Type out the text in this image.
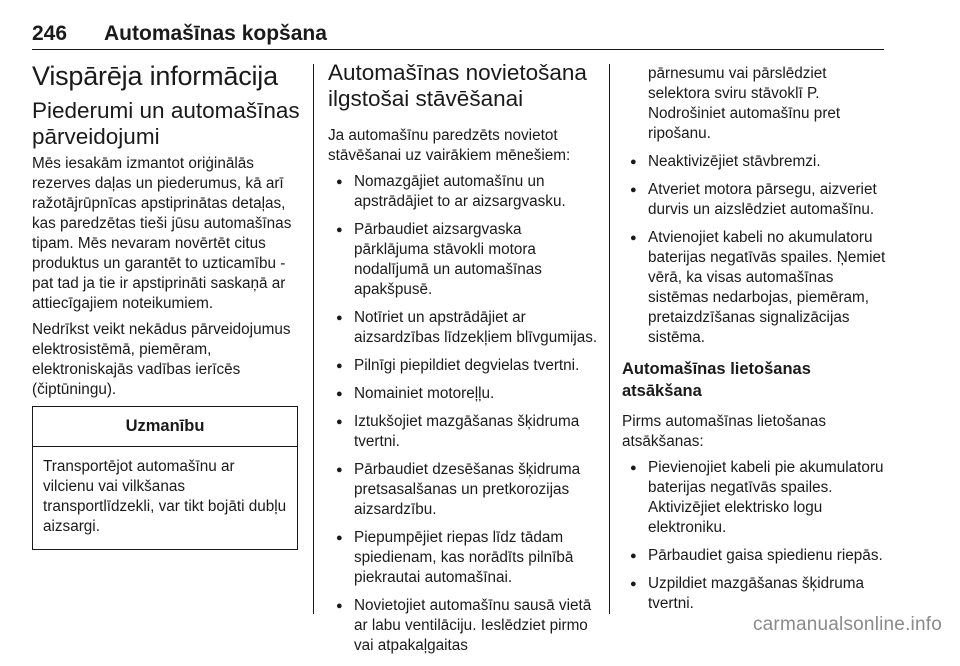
246 Automašīnas kopšana
Vispārēja informācija
Piederumi un automašīnas pārveidojumi

Mēs iesakām izmantot oriģinālās rezerves daļas un piederumus, kā arī ražotājrūpnīcas apstiprinātas detaļas, kas paredzētas tieši jūsu automašīnas tipam. Mēs nevaram novērtēt citus produktus un garantēt to uzticamību - pat tad ja tie ir apstiprināti saskaņā ar attiecīgajiem noteikumiem.

Nedrīkst veikt nekādus pārveidojumus elektrosistēmā, piemēram, elektroniskajās vadības ierīcēs (čiptūningu).

Uzmanību
Transportējot automašīnu ar vilcienu vai vilkšanas transportlīdzekli, var tikt bojāti dubļu aizsargi.
Automašīnas novietošana ilgstošai stāvēšanai

Ja automašīnu paredzēts novietot stāvēšanai uz vairākiem mēnešiem:

● Nomazgājiet automašīnu un apstrādājiet to ar aizsargvasku.
● Pārbaudiet aizsargvaska pārklājuma stāvokli motora nodalījumā un automašīnas apakšpusē.
● Notīriet un apstrādājiet ar aizsardzības līdzekļiem blīvgumijas.
● Pilnīgi piepildiet degvielas tvertni.
● Nomainiet motoreļļu.
● Iztukšojiet mazgāšanas šķidruma tvertni.
● Pārbaudiet dzesēšanas šķidruma pretsasalšanas un pretkorozijas aizsardzību.
● Piepumpējiet riepas līdz tādam spiedienam, kas norādīts pilnībā piekrautai automašīnai.
● Novietojiet automašīnu sausā vietā ar labu ventilāciju. Ieslēdziet pirmo vai atpakaļgaitas

pārnesumu vai pārslēdziet selektora sviru stāvoklī P. Nodrošiniet automašīnu pret ripošanu.

● Neaktivizējiet stāvbremzi.
● Atveriet motora pārsegu, aizveriet durvis un aizslēdziet automašīnu.
● Atvienojiet kabeli no akumulatoru baterijas negatīvās spailes. Ņemiet vērā, ka visas automašīnas sistēmas nedarbojas, piemēram, pretaizdzīšanas signalizācijas sistēma.
Automašīnas lietošanas atsākšana

Pirms automašīnas lietošanas atsākšanas:

● Pievienojiet kabeli pie akumulatoru baterijas negatīvās spailes. Aktivizējiet elektrisko logu elektroniku.
● Pārbaudiet gaisa spiedienu riepās.
● Uzpildiet mazgāšanas šķidruma tvertni.
carmanualsonline.info
